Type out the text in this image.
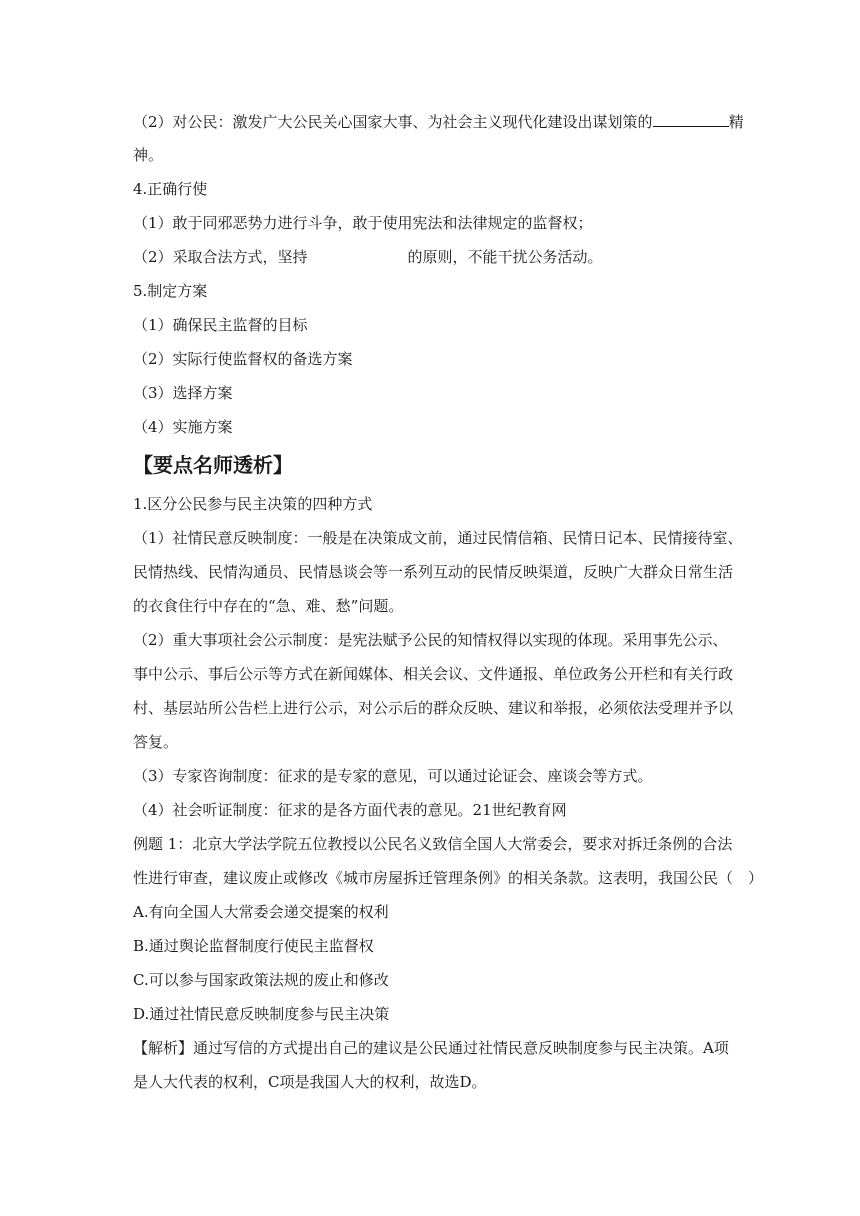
（2）对公民：激发广大公民关心国家大事、为社会主义现代化建设出谋划策的	精
神。
4.正确行使
（1）敢于同邪恶势力进行斗争，敢于使用宪法和法律规定的监督权；
（2）采取合法方式，坚持	的原则，不能干扰公务活动。
5.制定方案
（1）确保民主监督的目标
（2）实际行使监督权的备选方案
（3）选择方案
（4）实施方案
【要点名师透析】
1.区分公民参与民主决策的四种方式
（1）社情民意反映制度：一般是在决策成文前，通过民情信箱、民情日记本、民情接待室、
民情热线、民情沟通员、民情恳谈会等一系列互动的民情反映渠道，反映广大群众日常生活
的衣食住行中存在的“急、难、愁”问题。
（2）重大事项社会公示制度：是宪法赋予公民的知情权得以实现的体现。采用事先公示、
事中公示、事后公示等方式在新闻媒体、相关会议、文件通报、单位政务公开栏和有关行政
村、基层站所公告栏上进行公示，对公示后的群众反映、建议和举报，必须依法受理并予以
答复。
（3）专家咨询制度：征求的是专家的意见，可以通过论证会、座谈会等方式。
（4）社会听证制度：征求的是各方面代表的意见。21世纪教育网
例题 1：北京大学法学院五位教授以公民名义致信全国人大常委会，要求对拆迁条例的合法
性进行审查，建议废止或修改《城市房屋拆迁管理条例》的相关条款。这表明，我国公民（　）
A.有向全国人大常委会递交提案的权利
B.通过舆论监督制度行使民主监督权
C.可以参与国家政策法规的废止和修改
D.通过社情民意反映制度参与民主决策
【解析】通过写信的方式提出自己的建议是公民通过社情民意反映制度参与民主决策。A项
是人大代表的权利，C项是我国人大的权利，故选D。
